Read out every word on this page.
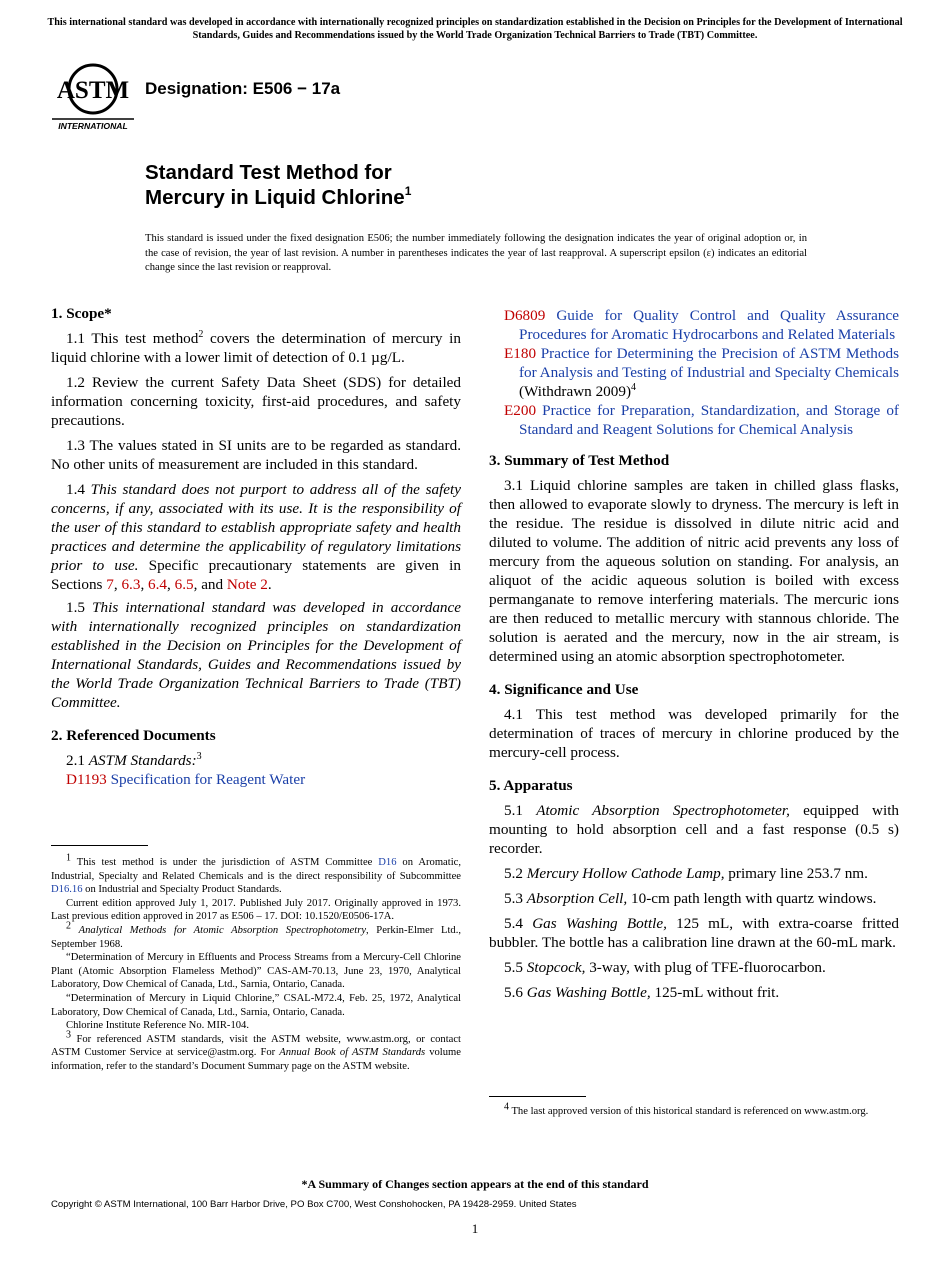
This international standard was developed in accordance with internationally recognized principles on standardization established in the Decision on Principles for the Development of International Standards, Guides and Recommendations issued by the World Trade Organization Technical Barriers to Trade (TBT) Committee.
ASTM
INTERNATIONAL
Designation: E506 − 17a
Standard Test Method for
Mercury in Liquid Chlorine$^1$
This standard is issued under the fixed designation E506; the number immediately following the designation indicates the year of original adoption or, in the case of revision, the year of last revision. A number in parentheses indicates the year of last reapproval. A superscript epsilon (ε) indicates an editorial change since the last revision or reapproval.
1. Scope*

1.1 This test method$^2$ covers the determination of mercury in liquid chlorine with a lower limit of detection of 0.1 µg/L.

1.2 Review the current Safety Data Sheet (SDS) for detailed information concerning toxicity, first-aid procedures, and safety precautions.

1.3 The values stated in SI units are to be regarded as standard. No other units of measurement are included in this standard.

1.4 This standard does not purport to address all of the safety concerns, if any, associated with its use. It is the responsibility of the user of this standard to establish appropriate safety and health practices and determine the applicability of regulatory limitations prior to use. Specific precautionary statements are given in Sections 7, 6.3, 6.4, 6.5, and Note 2.

1.5 This international standard was developed in accordance with internationally recognized principles on standardization established in the Decision on Principles for the Development of International Standards, Guides and Recommendations issued by the World Trade Organization Technical Barriers to Trade (TBT) Committee.

2. Referenced Documents

2.1 ASTM Standards:$^3$

D1193 Specification for Reagent Water

$^1$ This test method is under the jurisdiction of ASTM Committee D16 on Aromatic, Industrial, Specialty and Related Chemicals and is the direct responsibility of Subcommittee D16.16 on Industrial and Specialty Product Standards.

Current edition approved July 1, 2017. Published July 2017. Originally approved in 1973. Last previous edition approved in 2017 as E506 – 17. DOI: 10.1520/E0506-17A.

$^2$ Analytical Methods for Atomic Absorption Spectrophotometry, Perkin-Elmer Ltd., September 1968.

“Determination of Mercury in Effluents and Process Streams from a Mercury-Cell Chlorine Plant (Atomic Absorption Flameless Method)” CAS-AM-70.13, June 23, 1970, Analytical Laboratory, Dow Chemical of Canada, Ltd., Sarnia, Ontario, Canada.

“Determination of Mercury in Liquid Chlorine,” CSAL-M72.4, Feb. 25, 1972, Analytical Laboratory, Dow Chemical of Canada, Ltd., Sarnia, Ontario, Canada.

Chlorine Institute Reference No. MIR-104.

$^3$ For referenced ASTM standards, visit the ASTM website, www.astm.org, or contact ASTM Customer Service at service@astm.org. For Annual Book of ASTM Standards volume information, refer to the standard’s Document Summary page on the ASTM website.

D6809 Guide for Quality Control and Quality Assurance Procedures for Aromatic Hydrocarbons and Related Materials

E180 Practice for Determining the Precision of ASTM Methods for Analysis and Testing of Industrial and Specialty Chemicals (Withdrawn 2009)$^4$

E200 Practice for Preparation, Standardization, and Storage of Standard and Reagent Solutions for Chemical Analysis

3. Summary of Test Method

3.1 Liquid chlorine samples are taken in chilled glass flasks, then allowed to evaporate slowly to dryness. The mercury is left in the residue. The residue is dissolved in dilute nitric acid and diluted to volume. The addition of nitric acid prevents any loss of mercury from the aqueous solution on standing. For analysis, an aliquot of the acidic aqueous solution is boiled with excess permanganate to remove interfering materials. The mercuric ions are then reduced to metallic mercury with stannous chloride. The solution is aerated and the mercury, now in the air stream, is determined using an atomic absorption spectrophotometer.

4. Significance and Use

4.1 This test method was developed primarily for the determination of traces of mercury in chlorine produced by the mercury-cell process.

5. Apparatus

5.1 Atomic Absorption Spectrophotometer, equipped with mounting to hold absorption cell and a fast response (0.5 s) recorder.

5.2 Mercury Hollow Cathode Lamp, primary line 253.7 nm.

5.3 Absorption Cell, 10-cm path length with quartz windows.

5.4 Gas Washing Bottle, 125 mL, with extra-coarse fritted bubbler. The bottle has a calibration line drawn at the 60-mL mark.

5.5 Stopcock, 3-way, with plug of TFE-fluorocarbon.

5.6 Gas Washing Bottle, 125-mL without frit.

$^4$ The last approved version of this historical standard is referenced on www.astm.org.

*A Summary of Changes section appears at the end of this standard
Copyright © ASTM International, 100 Barr Harbor Drive, PO Box C700, West Conshohocken, PA 19428-2959. United States
1
